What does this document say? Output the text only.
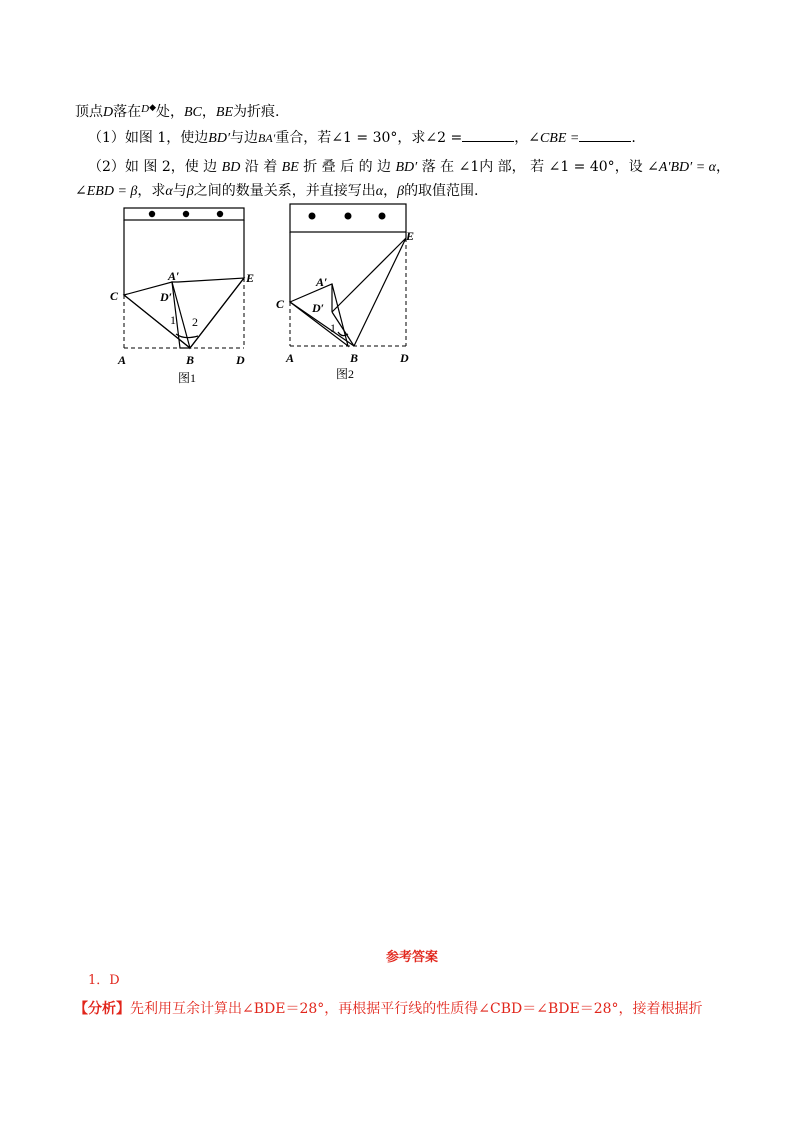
顶点D落在$^{D◆}$处，BC，BE为折痕.
（1）如图 1，使边BD′与边BA′重合，若∠1 = 30°，求∠2 =	，∠CBE =	.
（2）如 图 2，使 边 BD 沿 着 BE 折 叠 后 的 边 BD′ 落 在 ∠1内 部， 若 ∠1 = 40°，设 ∠A′BD′ = α，
∠EBD = β，求α与β之间的数量关系，并直接写出α，β的取值范围.
C
A	B	D
E
A′
D′
1 2
图1
C
A	B	D
E
A′
D′
1
图2
参考答案
1．D
【分析】先利用互余计算出∠BDE＝28°，再根据平行线的性质得∠CBD＝∠BDE＝28°，接着根据折
